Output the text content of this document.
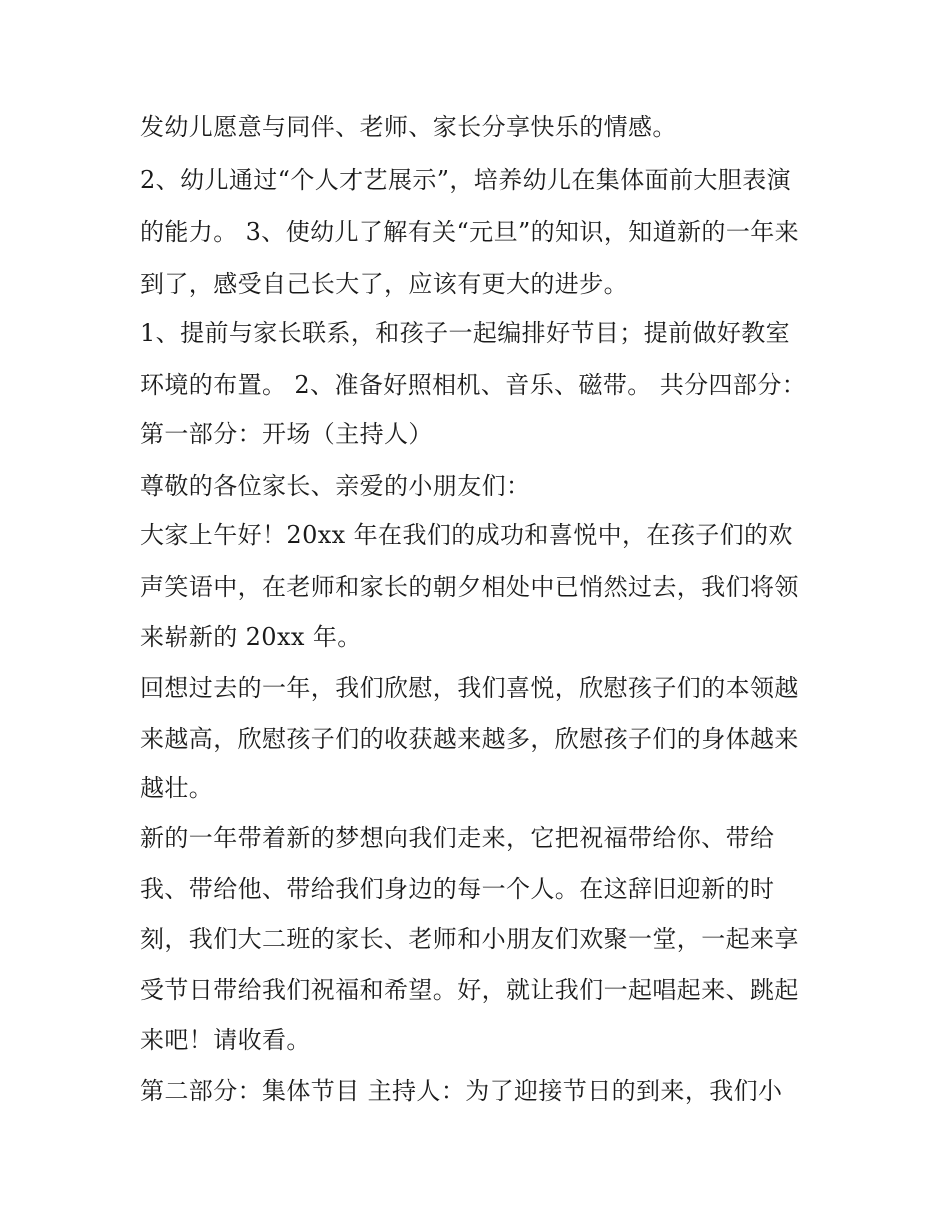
发幼儿愿意与同伴、老师、家长分享快乐的情感。
2、幼儿通过“个人才艺展示”，培养幼儿在集体面前大胆表演
的能力。 3、使幼儿了解有关“元旦”的知识，知道新的一年来
到了，感受自己长大了，应该有更大的进步。
1、提前与家长联系，和孩子一起编排好节目；提前做好教室
环境的布置。 2、准备好照相机、音乐、磁带。 共分四部分：
第一部分：开场（主持人）
尊敬的各位家长、亲爱的小朋友们：
大家上午好！20xx 年在我们的成功和喜悦中，在孩子们的欢
声笑语中，在老师和家长的朝夕相处中已悄然过去，我们将领
来崭新的 20xx 年。
回想过去的一年，我们欣慰，我们喜悦，欣慰孩子们的本领越
来越高，欣慰孩子们的收获越来越多，欣慰孩子们的身体越来
越壮。
新的一年带着新的梦想向我们走来，它把祝福带给你、带给
我、带给他、带给我们身边的每一个人。在这辞旧迎新的时
刻，我们大二班的家长、老师和小朋友们欢聚一堂，一起来享
受节日带给我们祝福和希望。好，就让我们一起唱起来、跳起
来吧！请收看。
第二部分：集体节目 主持人：为了迎接节日的到来，我们小
